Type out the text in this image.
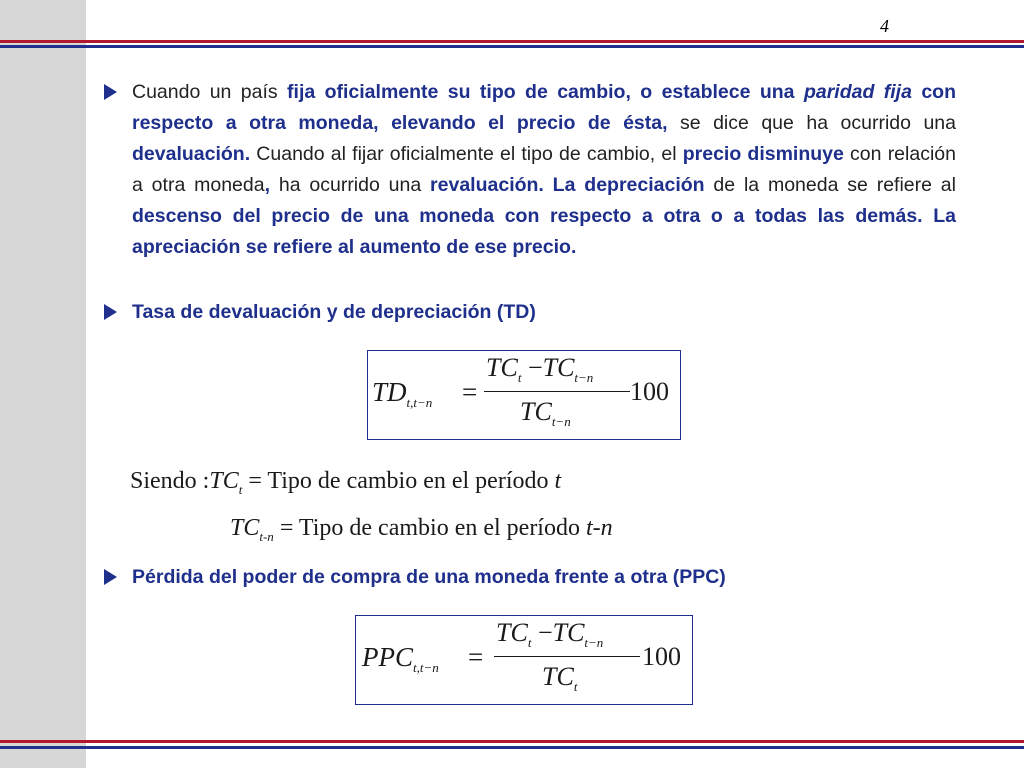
4
Cuando un país fija oficialmente su tipo de cambio, o establece una paridad fija con respecto a otra moneda, elevando el precio de ésta, se dice que ha ocurrido una devaluación. Cuando al fijar oficialmente el tipo de cambio, el precio disminuye con relación a otra moneda, ha ocurrido una revaluación. La depreciación de la moneda se refiere al descenso del precio de una moneda con respecto a otra o a todas las demás. La apreciación se refiere al aumento de ese precio.
Tasa de devaluación y de depreciación (TD)
$TD_{t,t-n}$ =
$TC_t -TC_{t-n}$
$TC_{t-n}$
100
Siendo $:TC_t$ = Tipo de cambio en el período t
$TC_{t-n}$ = Tipo de cambio en el período t-n
Pérdida del poder de compra de una moneda frente a otra (PPC)
$PPC_{t,t-n}$ =
$TC_t -TC_{t-n}$
$TC_t$
100
